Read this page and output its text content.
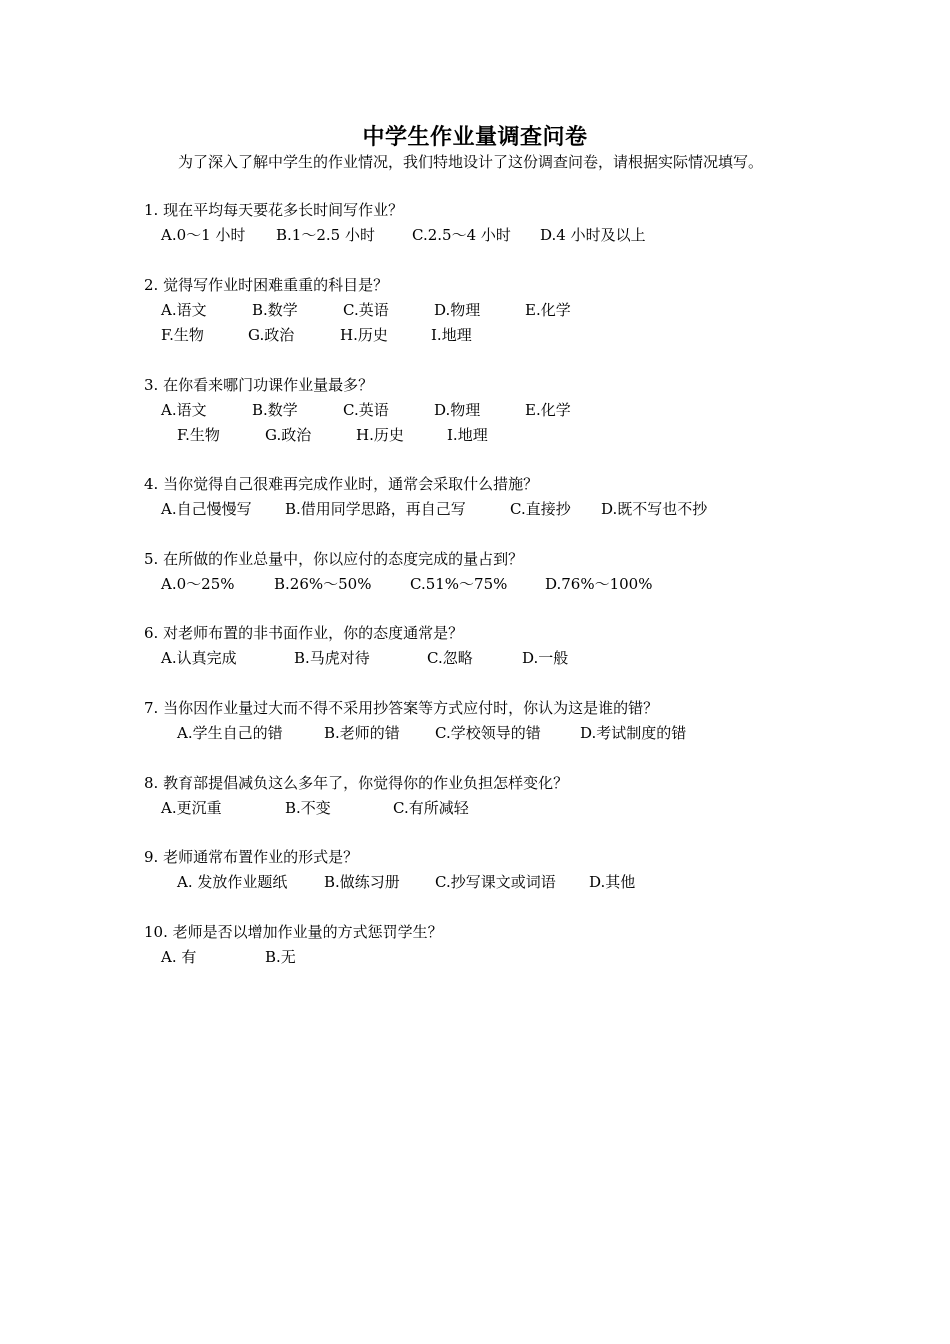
中学生作业量调查问卷
为了深入了解中学生的作业情况，我们特地设计了这份调查问卷，请根据实际情况填写。
1. 现在平均每天要花多长时间写作业？
A.0～1 小时 B.1～2.5 小时 C.2.5～4 小时 D.4 小时及以上
2. 觉得写作业时困难重重的科目是？
A.语文	B.数学	C.英语	D.物理	E.化学
F.生物	G.政治	H.历史	I.地理
3. 在你看来哪门功课作业量最多？
A.语文	B.数学	C.英语	D.物理	E.化学
F.生物	G.政治	H.历史	I.地理
4. 当你觉得自己很难再完成作业时，通常会采取什么措施？
A.自己慢慢写 B.借用同学思路，再自己写	C.直接抄 D.既不写也不抄
5. 在所做的作业总量中，你以应付的态度完成的量占到？
A.0～25%	B.26%～50%	C.51%～75%	D.76%～100%
6. 对老师布置的非书面作业，你的态度通常是？
A.认真完成	B.马虎对待	C.忽略	D.一般
7. 当你因作业量过大而不得不采用抄答案等方式应付时，你认为这是谁的错？
A.学生自己的错	B.老师的错 C.学校领导的错	D.考试制度的错
8. 教育部提倡减负这么多年了，你觉得你的作业负担怎样变化？
A.更沉重	B.不变	C.有所减轻
9. 老师通常布置作业的形式是？
A. 发放作业题纸 B.做练习册 C.抄写课文或词语 D.其他
10. 老师是否以增加作业量的方式惩罚学生？
A. 有	B.无
